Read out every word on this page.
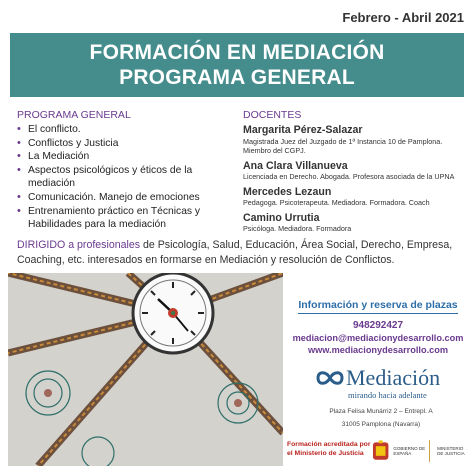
Febrero - Abril 2021
FORMACIÓN EN MEDIACIÓN
PROGRAMA GENERAL
PROGRAMA GENERAL
• El conflicto.
• Conflictos y Justicia
• La Mediación
• Aspectos psicológicos y éticos de la mediación
• Comunicación. Manejo de emociones
• Entrenamiento práctico en Técnicas y Habilidades para la mediación
DOCENTES
Margarita Pérez-Salazar
Magistrada Juez del Juzgado de 1ª Instancia 10 de Pamplona. Miembro del CGPJ.
Ana Clara Villanueva
Licenciada en Derecho. Abogada. Profesora asociada de la UPNA
Mercedes Lezaun
Pedagoga. Psicoterapeuta. Mediadora. Formadora. Coach
Camino Urrutia
Psicóloga. Mediadora. Formadora

DIRIGIDO a profesionales de Psicología, Salud, Educación, Área Social, Derecho, Empresa, Coaching, etc. interesados en formarse en Mediación y resolución de Conflictos.

Información y reserva de plazas
948292427
mediacion@mediacionydesarrollo.com
www.mediacionydesarrollo.com
Mediación
mirando hacia adelante
Plaza Felisa Munárriz 2 – Entrepl. A
31005 Pamplona (Navarra)
Formación acreditada por el Ministerio de Justicia
GOBIERNO DE ESPAÑA
MINISTERIO DE JUSTICIA
